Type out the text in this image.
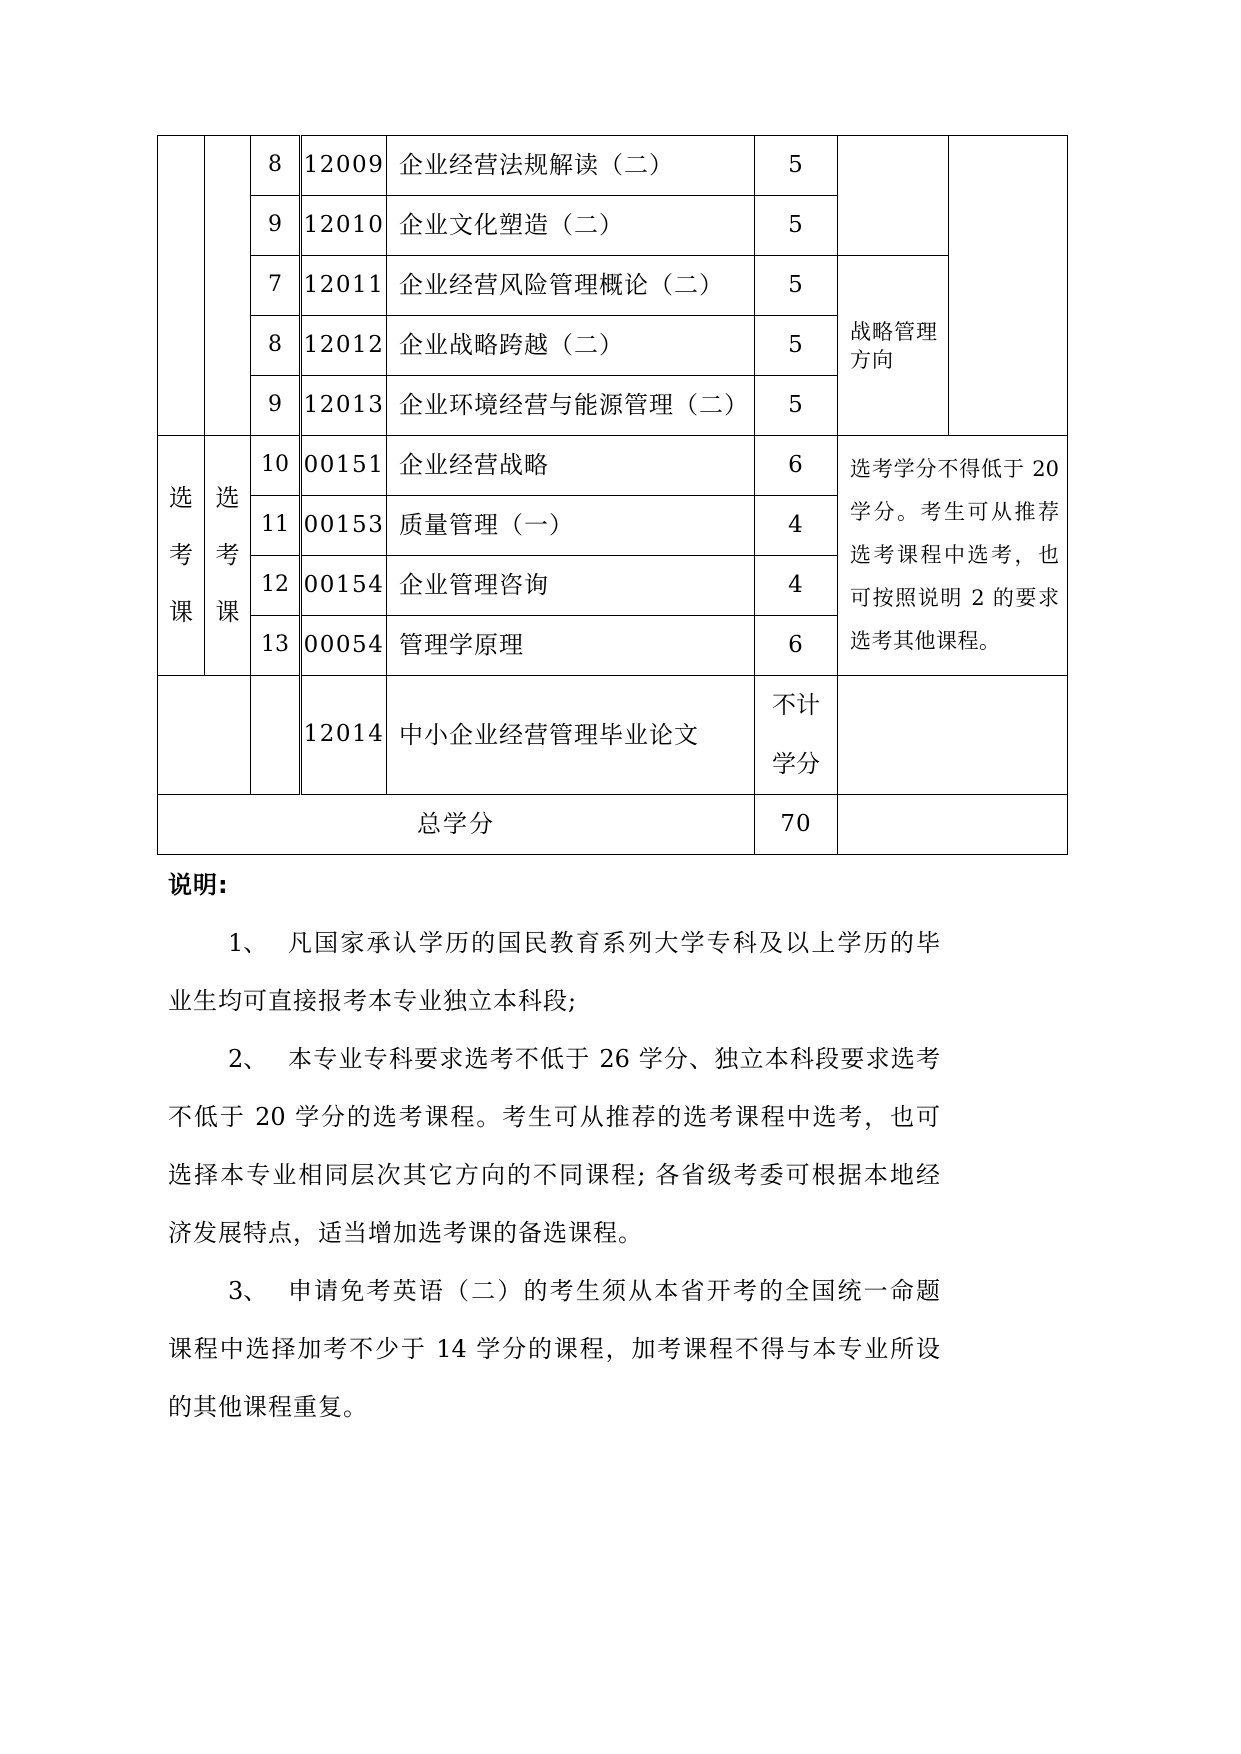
		8	12009	企业经营法规解读（二）	5		
		9	12010	企业文化塑造（二）	5		
		7	12011	企业经营风险管理概论（二）	5	战略管理方向	

		8	12012	企业战略跨越（二）	5		
		9	12013	企业环境经营与能源管理（二）	5		

选考课	选考课	10	00151	企业经营战略	6	选考学分不得低于 20
学分。考生可从推荐
选考课程中选考，也
可按照说明 2 的要求
选考其他课程。	

		11	00153	质量管理（一）	4		
		12	00154	企业管理咨询	4		
		13	00054	管理学原理	6		
			12014	中小企业经营管理毕业论文	不计学分		

总学分					70		
说明:
1、 凡国家承认学历的国民教育系列大学专科及以上学历的毕
业生均可直接报考本专业独立本科段;
2、 本专业专科要求选考不低于 26 学分、独立本科段要求选考
不低于 20 学分的选考课程。考生可从推荐的选考课程中选考，也可
选择本专业相同层次其它方向的不同课程; 各省级考委可根据本地经
济发展特点，适当增加选考课的备选课程。
3、 申请免考英语（二）的考生须从本省开考的全国统一命题
课程中选择加考不少于 14 学分的课程，加考课程不得与本专业所设
的其他课程重复。
